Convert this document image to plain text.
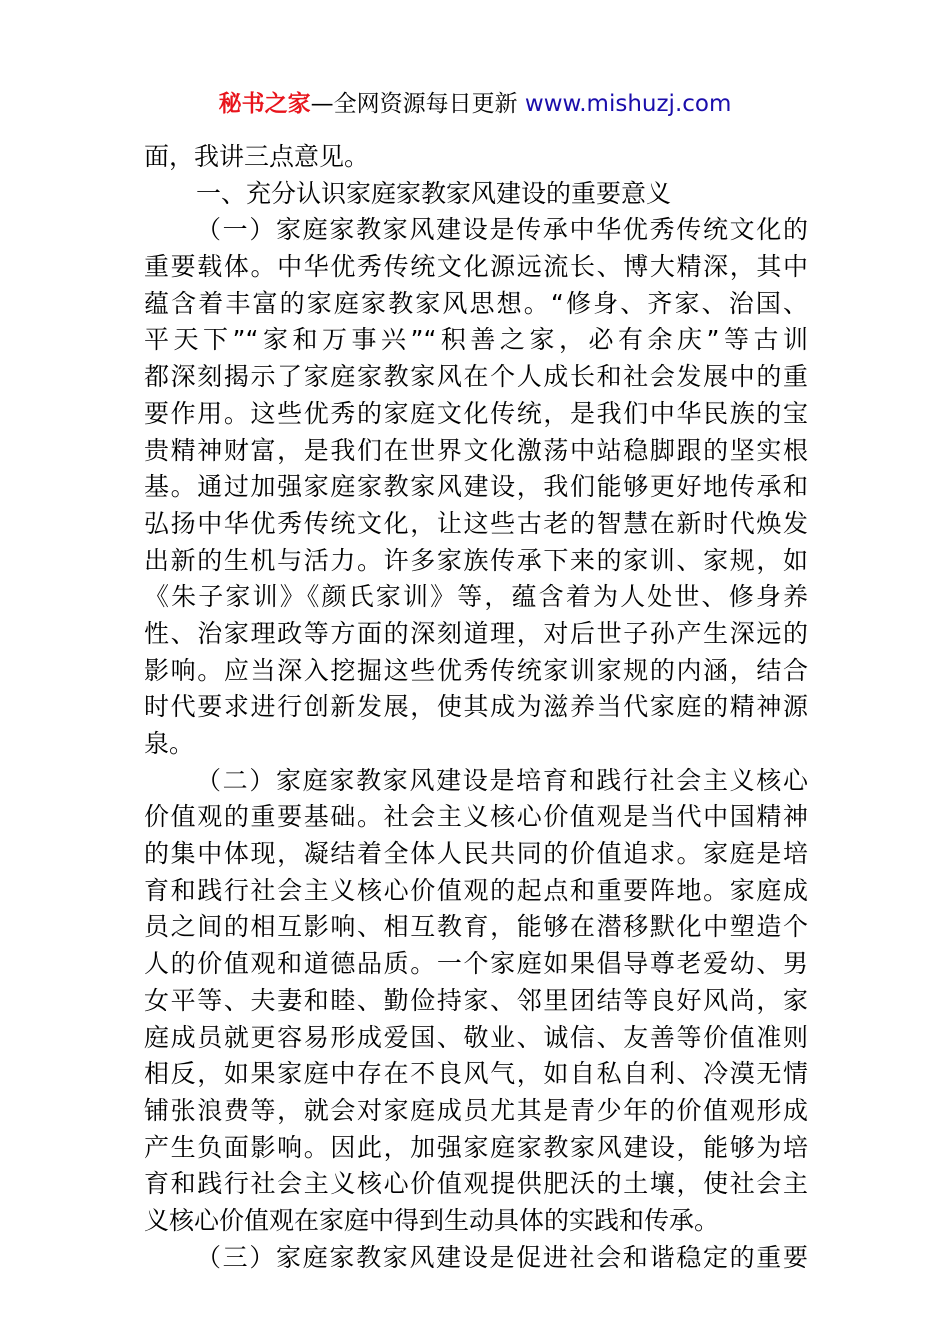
秘书之家—全网资源每日更新 www.mishuzj.com
面，我讲三点意见。
一、充分认识家庭家教家风建设的重要意义
（一）家庭家教家风建设是传承中华优秀传统文化的
重要载体。中华优秀传统文化源远流长、博大精深，其中
蕴含着丰富的家庭家教家风思想。“修身、齐家、治国、
平天下”“家和万事兴”“积善之家，必有余庆”等古训
都深刻揭示了家庭家教家风在个人成长和社会发展中的重
要作用。这些优秀的家庭文化传统，是我们中华民族的宝
贵精神财富，是我们在世界文化激荡中站稳脚跟的坚实根
基。通过加强家庭家教家风建设，我们能够更好地传承和
弘扬中华优秀传统文化，让这些古老的智慧在新时代焕发
出新的生机与活力。许多家族传承下来的家训、家规，如
《朱子家训》《颜氏家训》等，蕴含着为人处世、修身养
性、治家理政等方面的深刻道理，对后世子孙产生深远的
影响。应当深入挖掘这些优秀传统家训家规的内涵，结合
时代要求进行创新发展，使其成为滋养当代家庭的精神源
泉。
（二）家庭家教家风建设是培育和践行社会主义核心
价值观的重要基础。社会主义核心价值观是当代中国精神
的集中体现，凝结着全体人民共同的价值追求。家庭是培
育和践行社会主义核心价值观的起点和重要阵地。家庭成
员之间的相互影响、相互教育，能够在潜移默化中塑造个
人的价值观和道德品质。一个家庭如果倡导尊老爱幼、男
女平等、夫妻和睦、勤俭持家、邻里团结等良好风尚，家
庭成员就更容易形成爱国、敬业、诚信、友善等价值准则
相反，如果家庭中存在不良风气，如自私自利、冷漠无情
铺张浪费等，就会对家庭成员尤其是青少年的价值观形成
产生负面影响。因此，加强家庭家教家风建设，能够为培
育和践行社会主义核心价值观提供肥沃的土壤，使社会主
义核心价值观在家庭中得到生动具体的实践和传承。
（三）家庭家教家风建设是促进社会和谐稳定的重要
